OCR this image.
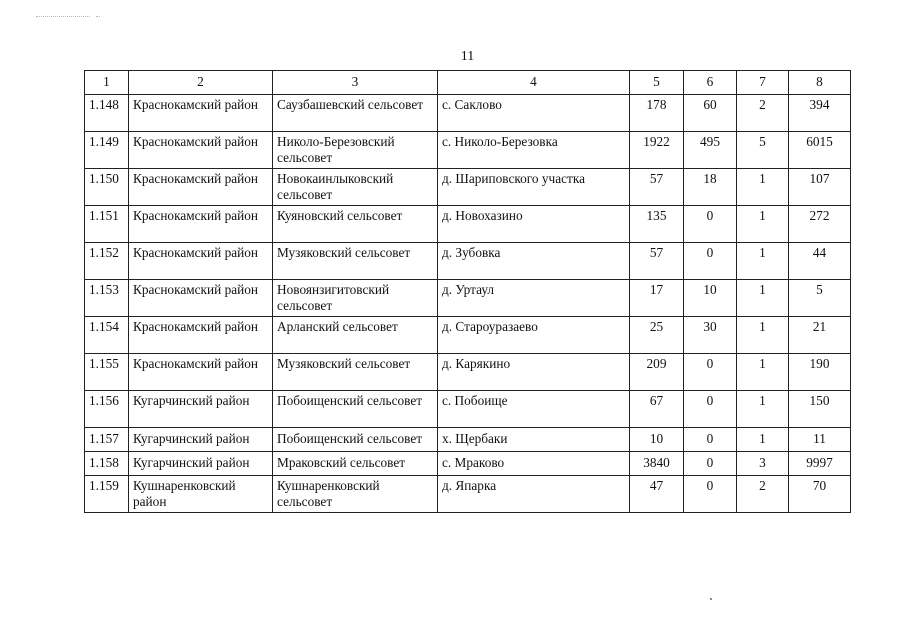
11
1	2	3	4	5	6	7	8
1.148	Краснокамский район	Саузбашевский сельсовет	с. Саклово	178	60	2	394
1.149	Краснокамский район	Николо-Березовский сельсовет	с. Николо-Березовка	1922	495	5	6015
1.150	Краснокамский район	Новокаинлыковский сельсовет	д. Шариповского участка	57	18	1	107
1.151	Краснокамский район	Куяновский сельсовет	д. Новохазино	135	0	1	272
1.152	Краснокамский район	Музяковский сельсовет	д. Зубовка	57	0	1	44
1.153	Краснокамский район	Новоянзигитовский сельсовет	д. Уртаул	17	10	1	5
1.154	Краснокамский район	Арланский сельсовет	д. Староуразаево	25	30	1	21
1.155	Краснокамский район	Музяковский сельсовет	д. Карякино	209	0	1	190
1.156	Кугарчинский район	Побоищенский сельсовет	с. Побоище	67	0	1	150
1.157	Кугарчинский район	Побоищенский сельсовет	х. Щербаки	10	0	1	11
1.158	Кугарчинский район	Мраковский сельсовет	с. Мраково	3840	0	3	9997
1.159	Кушнаренковский район	Кушнаренковский сельсовет	д. Япарка	47	0	2	70
